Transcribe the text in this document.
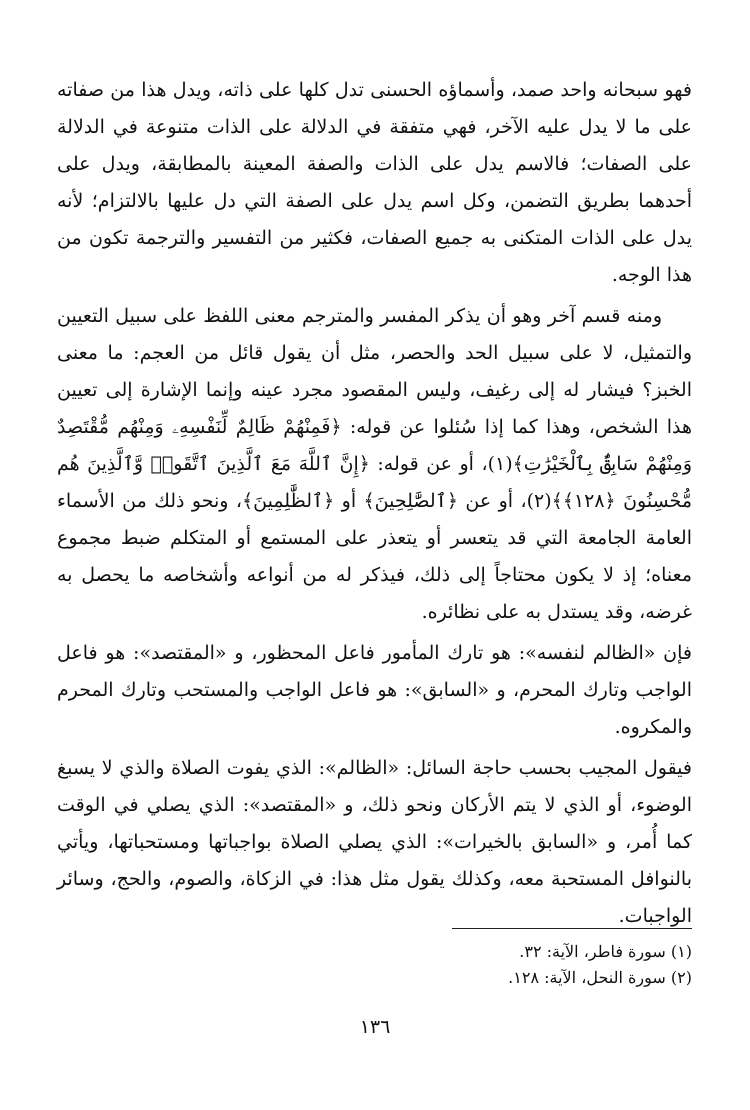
فهو سبحانه واحد صمد، وأسماؤه الحسنى تدل كلها على ذاته، ويدل هذا من صفاته على ما لا يدل عليه الآخر، فهي متفقة في الدلالة على الذات متنوعة في الدلالة على الصفات؛ فالاسم يدل على الذات والصفة المعينة بالمطابقة، ويدل على أحدهما بطريق التضمن، وكل اسم يدل على الصفة التي دل عليها بالالتزام؛ لأنه يدل على الذات المتكنى به جميع الصفات، فكثير من التفسير والترجمة تكون من هذا الوجه.

ومنه قسم آخر وهو أن يذكر المفسر والمترجم معنى اللفظ على سبيل التعيين والتمثيل، لا على سبيل الحد والحصر، مثل أن يقول قائل من العجم: ما معنى الخبز؟ فيشار له إلى رغيف، وليس المقصود مجرد عينه وإنما الإشارة إلى تعيين هذا الشخص، وهذا كما إذا سُئلوا عن قوله: ﴿فَمِنْهُمْ ظَالِمٌ لِّنَفْسِهِۦ وَمِنْهُم مُّقْتَصِدٌ وَمِنْهُمْ سَابِقٌۢ بِٱلْخَيْرَٰتِ﴾(١)، أو عن قوله: ﴿إِنَّ ٱللَّهَ مَعَ ٱلَّذِينَ ٱتَّقَوا۟ وَّٱلَّذِينَ هُم مُّحْسِنُونَ ﴿١٢٨﴾﴾(٢)، أو عن ﴿ٱلصَّٰلِحِينَ﴾ أو ﴿ٱلظَّٰلِمِينَ﴾، ونحو ذلك من الأسماء العامة الجامعة التي قد يتعسر أو يتعذر على المستمع أو المتكلم ضبط مجموع معناه؛ إذ لا يكون محتاجاً إلى ذلك، فيذكر له من أنواعه وأشخاصه ما يحصل به غرضه، وقد يستدل به على نظائره.

فإن «الظالم لنفسه»: هو تارك المأمور فاعل المحظور، و «المقتصد»: هو فاعل الواجب وتارك المحرم، و «السابق»: هو فاعل الواجب والمستحب وتارك المحرم والمكروه.

فيقول المجيب بحسب حاجة السائل: «الظالم»: الذي يفوت الصلاة والذي لا يسبغ الوضوء، أو الذي لا يتم الأركان ونحو ذلك، و «المقتصد»: الذي يصلي في الوقت كما أُمر، و «السابق بالخيرات»: الذي يصلي الصلاة بواجباتها ومستحباتها، ويأتي بالنوافل المستحبة معه، وكذلك يقول مثل هذا: في الزكاة، والصوم، والحج، وسائر الواجبات.

(١) سورة فاطر، الآية: ٣٢.

(٢) سورة النحل، الآية: ١٢٨.

١٣٦
